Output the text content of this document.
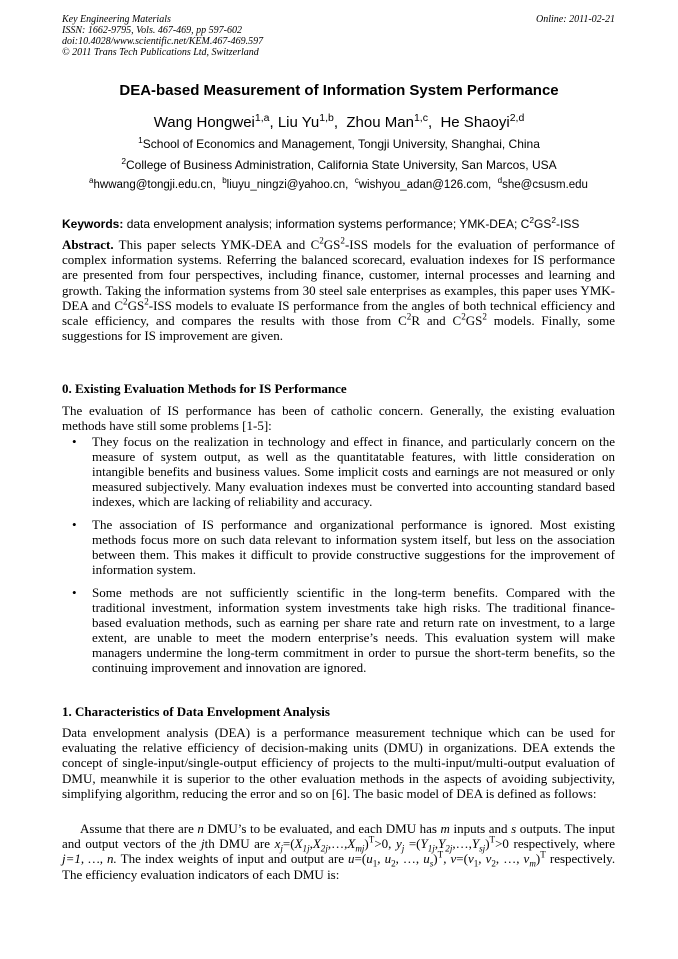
Key Engineering Materials
ISSN: 1662-9795, Vols. 467-469, pp 597-602
doi:10.4028/www.scientific.net/KEM.467-469.597
© 2011 Trans Tech Publications Ltd, Switzerland
Online: 2011-02-21
DEA-based Measurement of Information System Performance
Wang Hongwei$^{1,a}$, Liu Yu$^{1,b}$,  Zhou Man$^{1,c}$,  He Shaoyi$^{2,d}$
$^1$School of Economics and Management, Tongji University, Shanghai, China
$^2$College of Business Administration, California State University, San Marcos, USA
$^a$hwwang@tongji.edu.cn, $^b$liuyu_ningzi@yahoo.cn, $^c$wishyou_adan@126.com, $^d$she@csusm.edu
Keywords: data envelopment analysis; information systems performance; YMK-DEA; $C^2GS^2$-ISS
Abstract. This paper selects YMK-DEA and $C^2GS^2$-ISS models for the evaluation of performance of complex information systems. Referring the balanced scorecard, evaluation indexes for IS performance are presented from four perspectives, including finance, customer, internal processes and learning and growth. Taking the information systems from 30 steel sale enterprises as examples, this paper uses YMK-DEA and $C^2GS^2$-ISS models to evaluate IS performance from the angles of both technical efficiency and scale efficiency, and compares the results with those from $C^2R$ and $C^2GS^2$ models. Finally, some suggestions for IS improvement are given.
0. Existing Evaluation Methods for IS Performance
The evaluation of IS performance has been of catholic concern. Generally, the existing evaluation methods have still some problems [1-5]:
• They focus on the realization in technology and effect in finance, and particularly concern on the measure of system output, as well as the quantitatable features, with little consideration on intangible benefits and business values. Some implicit costs and earnings are not measured or only measured subjectively. Many evaluation indexes must be converted into accounting standard based indexes, which are lacking of reliability and accuracy.
• The association of IS performance and organizational performance is ignored. Most existing methods focus more on such data relevant to information system itself, but less on the association between them. This makes it difficult to provide constructive suggestions for the improvement of information system.
• Some methods are not sufficiently scientific in the long-term benefits. Compared with the traditional investment, information system investments take high risks. The traditional finance-based evaluation methods, such as earning per share rate and return rate on investment, to a large extent, are unable to meet the modern enterprise’s needs. This evaluation system will make managers undermine the long-term commitment in order to pursue the short-term benefits, so the continuing improvement and innovation are ignored.
1. Characteristics of Data Envelopment Analysis
Data envelopment analysis (DEA) is a performance measurement technique which can be used for evaluating the relative efficiency of decision-making units (DMU) in organizations. DEA extends the concept of single-input/single-output efficiency of projects to the multi-input/multi-output evaluation of DMU, meanwhile it is superior to the other evaluation methods in the aspects of avoiding subjectivity, simplifying algorithm, reducing the error and so on [6]. The basic model of DEA is defined as follows:
Assume that there are n DMU’s to be evaluated, and each DMU has m inputs and s outputs. The input and output vectors of the jth DMU are $x_j=(X_{1j},X_{2j},\dots,X_{mj})^T>0$, $y_j$ $=(Y_{1j},Y_{2j},\dots,Y_{sj})^T>0$ respectively, where j=1, …, n. The index weights of input and output are $u=(u_1$, $u_2$, …, $u_s)^T$, $v=(v_1$, $v_2$, …, $v_m)^T$ respectively. The efficiency evaluation indicators of each DMU is:
